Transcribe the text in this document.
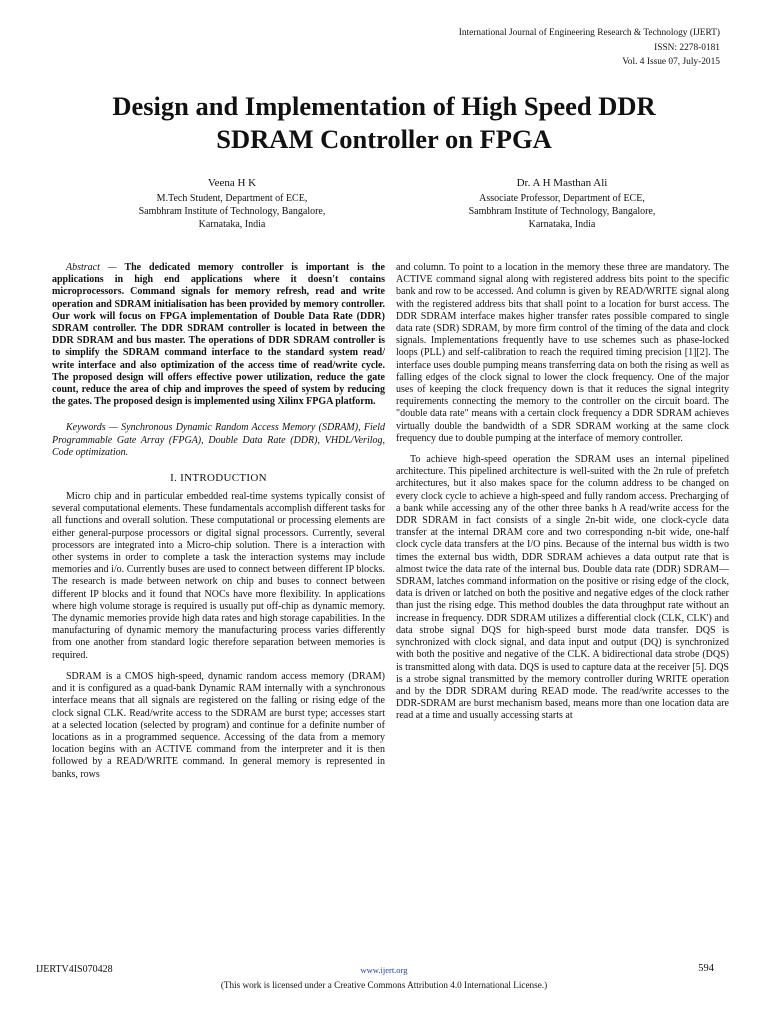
International Journal of Engineering Research & Technology (IJERT)
ISSN: 2278-0181
Vol. 4 Issue 07, July-2015
Design and Implementation of High Speed DDR
SDRAM Controller on FPGA
Veena H K
M.Tech Student, Department of ECE,
Sambhram Institute of Technology, Bangalore,
Karnataka, India
Dr. A H Masthan Ali
Associate Professor, Department of ECE,
Sambhram Institute of Technology, Bangalore,
Karnataka, India

Abstract — The dedicated memory controller is important is the applications in high end applications where it doesn't contains microprocessors. Command signals for memory refresh, read and write operation and SDRAM initialisation has been provided by memory controller. Our work will focus on FPGA implementation of Double Data Rate (DDR) SDRAM controller. The DDR SDRAM controller is located in between the DDR SDRAM and bus master. The operations of DDR SDRAM controller is to simplify the SDRAM command interface to the standard system read/ write interface and also optimization of the access time of read/write cycle. The proposed design will offers effective power utilization, reduce the gate count, reduce the area of chip and improves the speed of system by reducing the gates. The proposed design is implemented using Xilinx FPGA platform.

Keywords — Synchronous Dynamic Random Access Memory (SDRAM), Field Programmable Gate Array (FPGA), Double Data Rate (DDR), VHDL/Verilog, Code optimization.

I. INTRODUCTION

Micro chip and in particular embedded real-time systems typically consist of several computational elements. These fundamentals accomplish different tasks for all functions and overall solution. These computational or processing elements are either general-purpose processors or digital signal processors. Currently, several processors are integrated into a Micro-chip solution. There is a interaction with other systems in order to complete a task the interaction systems may include memories and i/o. Currently buses are used to connect between different IP blocks. The research is made between network on chip and buses to connect between different IP blocks and it found that NOCs have more flexibility. In applications where high volume storage is required is usually put off-chip as dynamic memory. The dynamic memories provide high data rates and high storage capabilities. In the manufacturing of dynamic memory the manufacturing process varies differently from one another from standard logic therefore separation between memories is required.

SDRAM is a CMOS high-speed, dynamic random access memory (DRAM) and it is configured as a quad-bank Dynamic RAM internally with a synchronous interface means that all signals are registered on the falling or rising edge of the clock signal CLK. Read/write access to the SDRAM are burst type; accesses start at a selected location (selected by program) and continue for a definite number of locations as in a programmed sequence. Accessing of the data from a memory location begins with an ACTIVE command from the interpreter and it is then followed by a READ/WRITE command. In general memory is represented in banks, rows

and column. To point to a location in the memory these three are mandatory. The ACTIVE command signal along with registered address bits point to the specific bank and row to be accessed. And column is given by READ/WRITE signal along with the registered address bits that shall point to a location for burst access. The DDR SDRAM interface makes higher transfer rates possible compared to single data rate (SDR) SDRAM, by more firm control of the timing of the data and clock signals. Implementations frequently have to use schemes such as phase-locked loops (PLL) and self-calibration to reach the required timing precision [1][2]. The interface uses double pumping means transferring data on both the rising as well as falling edges of the clock signal to lower the clock frequency. One of the major uses of keeping the clock frequency down is that it reduces the signal integrity requirements connecting the memory to the controller on the circuit board. The "double data rate" means with a certain clock frequency a DDR SDRAM achieves virtually double the bandwidth of a SDR SDRAM working at the same clock frequency due to double pumping at the interface of memory controller.

To achieve high-speed operation the SDRAM uses an internal pipelined architecture. This pipelined architecture is well-suited with the 2n rule of prefetch architectures, but it also makes space for the column address to be changed on every clock cycle to achieve a high-speed and fully random access. Precharging of a bank while accessing any of the other three banks h A read/write access for the DDR SDRAM in fact consists of a single 2n-bit wide, one clock-cycle data transfer at the internal DRAM core and two corresponding n-bit wide, one-half clock cycle data transfers at the I/O pins. Because of the internal bus width is two times the external bus width, DDR SDRAM achieves a data output rate that is almost twice the data rate of the internal bus. Double data rate (DDR) SDRAM—SDRAM, latches command information on the positive or rising edge of the clock, data is driven or latched on both the positive and negative edges of the clock rather than just the rising edge. This method doubles the data throughput rate without an increase in frequency. DDR SDRAM utilizes a differential clock (CLK, CLK') and data strobe signal DQS for high-speed burst mode data transfer. DQS is synchronized with clock signal, and data input and output (DQ) is synchronized with both the positive and negative of the CLK. A bidirectional data strobe (DQS) is transmitted along with data. DQS is used to capture data at the receiver [5]. DQS is a strobe signal transmitted by the memory controller during WRITE operation and by the DDR SDRAM during READ mode. The read/write accesses to the DDR-SDRAM are burst mechanism based, means more than one location data are read at a time and usually accessing starts at

IJERTV4IS070428	www.ijert.org	594
(This work is licensed under a Creative Commons Attribution 4.0 International License.)
